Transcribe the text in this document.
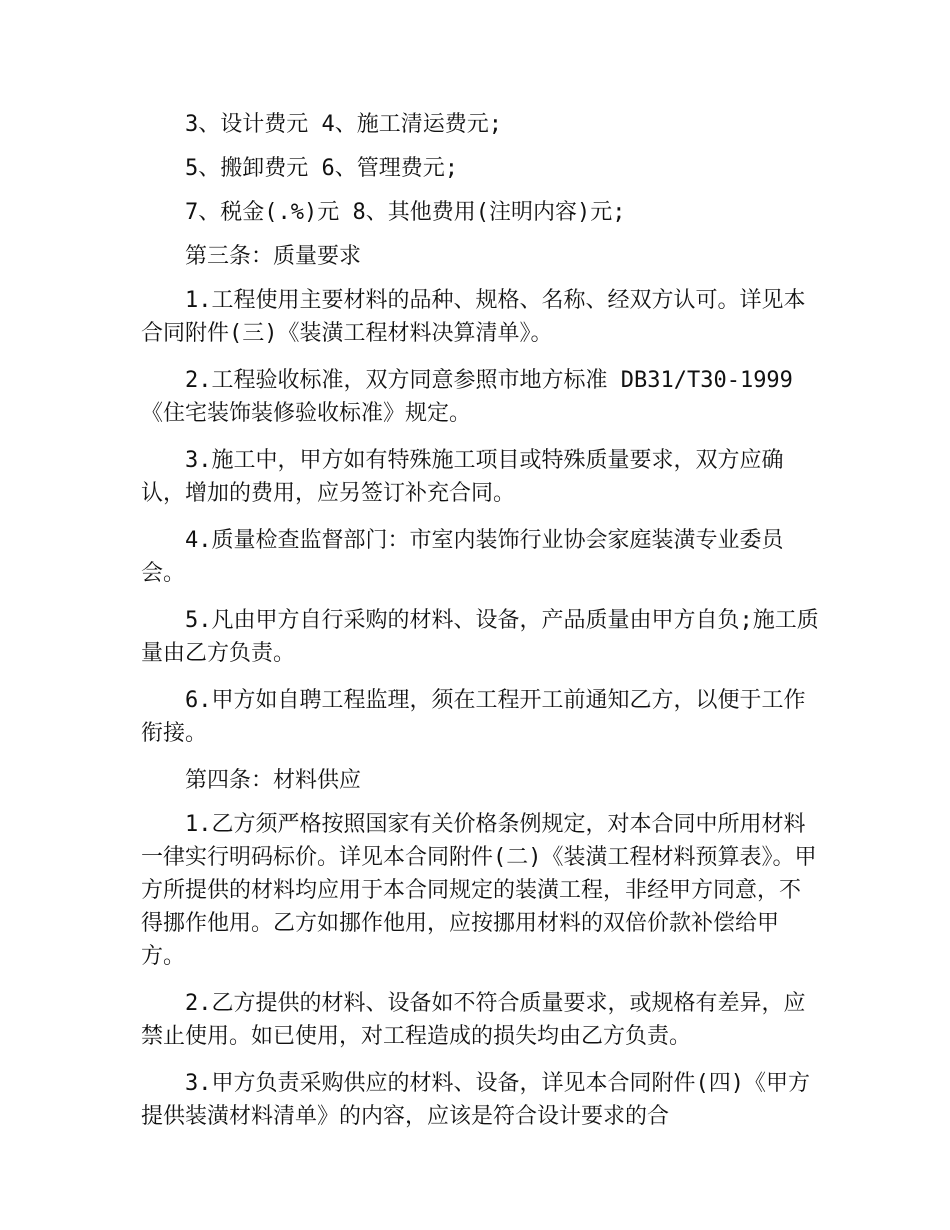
3、设计费元 4、施工清运费元;

5、搬卸费元 6、管理费元;

7、税金(.%)元 8、其他费用(注明内容)元;

第三条：质量要求

1.工程使用主要材料的品种、规格、名称、经双方认可。详见本合同附件(三)《装潢工程材料决算清单》。

2.工程验收标准，双方同意参照市地方标准 DB31/T30-1999《住宅装饰装修验收标准》规定。

3.施工中，甲方如有特殊施工项目或特殊质量要求，双方应确认，增加的费用，应另签订补充合同。

4.质量检查监督部门：市室内装饰行业协会家庭装潢专业委员会。

5.凡由甲方自行采购的材料、设备，产品质量由甲方自负;施工质量由乙方负责。

6.甲方如自聘工程监理，须在工程开工前通知乙方，以便于工作衔接。

第四条：材料供应

1.乙方须严格按照国家有关价格条例规定，对本合同中所用材料一律实行明码标价。详见本合同附件(二)《装潢工程材料预算表》。甲方所提供的材料均应用于本合同规定的装潢工程，非经甲方同意，不得挪作他用。乙方如挪作他用，应按挪用材料的双倍价款补偿给甲方。

2.乙方提供的材料、设备如不符合质量要求，或规格有差异，应禁止使用。如已使用，对工程造成的损失均由乙方负责。

3.甲方负责采购供应的材料、设备，详见本合同附件(四)《甲方提供装潢材料清单》的内容，应该是符合设计要求的合
